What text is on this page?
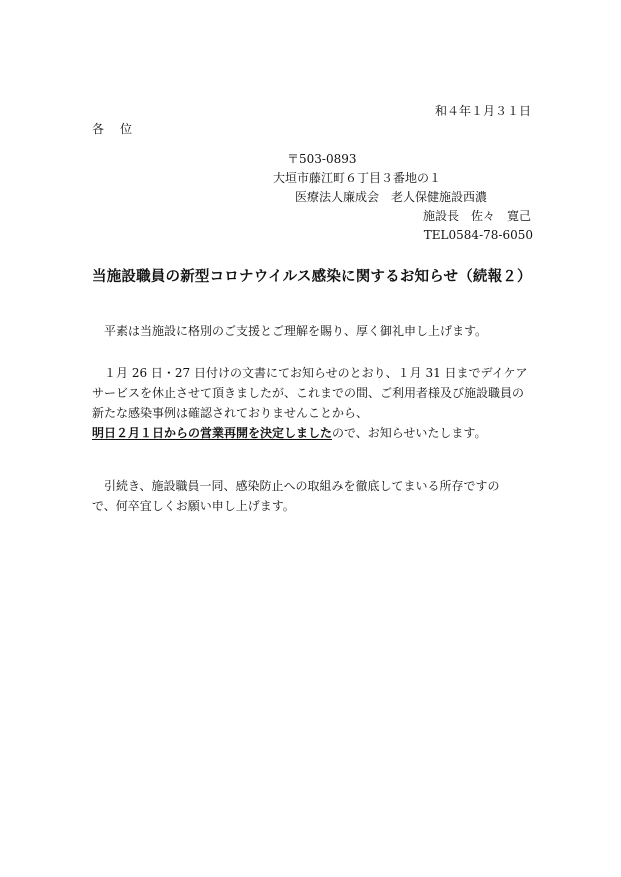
和４年１月３１日
各　位
〒503-0893
大垣市藤江町６丁目３番地の１
医療法人廉成会　老人保健施設西濃
施設長　佐々　寛己
TEL0584-78-6050
当施設職員の新型コロナウイルス感染に関するお知らせ（続報２）

平素は当施設に格別のご支援とご理解を賜り、厚く御礼申し上げます。

１月 26 日・27 日付けの文書にてお知らせのとおり、１月 31 日までデイケア

サービスを休止させて頂きましたが、これまでの間、ご利用者様及び施設職員の

新たな感染事例は確認されておりませんことから、

明日２月１日からの営業再開を決定しましたので、お知らせいたします。

引続き、施設職員一同、感染防止への取組みを徹底してまいる所存ですの

で、何卒宜しくお願い申し上げます。
